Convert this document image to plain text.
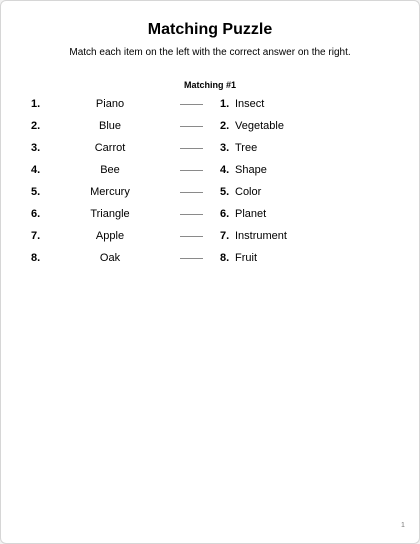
Matching Puzzle
Match each item on the left with the correct answer on the right.
Matching #1
1.	Piano	1. Insect
2.	Blue	2. Vegetable
3.	Carrot	3. Tree
4.	Bee	4. Shape
5.	Mercury	5. Color
6.	Triangle	6. Planet
7.	Apple	7. Instrument
8.	Oak	8. Fruit
1
